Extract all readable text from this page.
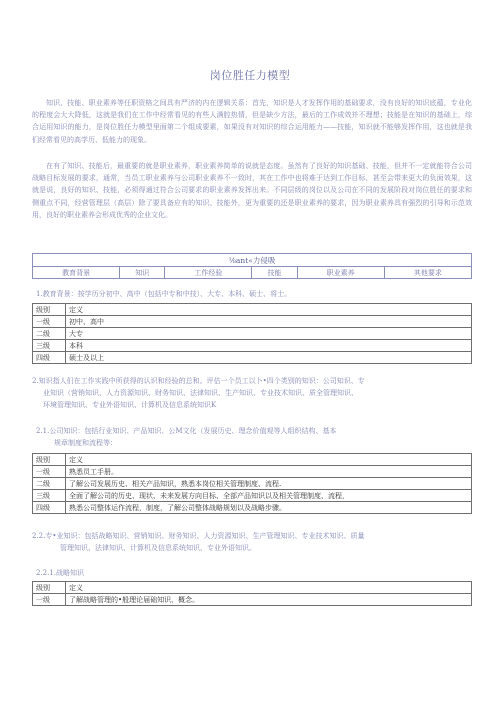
岗位胜任力模型

知识、技能、职业素养等任职资格之间具有严济的内在逻辑关系：首先，知识是人才发挥作用的基础要求，没有良好的知识底蕴，专业化的程度会大大降低，这就是我们在工作中经常看见的有些人满腔热情，但是缺少方法，最后的工作成效并不理想；技能是在知识的基础上，综合运用知识的能力，是岗位胜任力模型里面第二个组成要素，如果没有对知识的综合运用能力——技能，知识就不能够发挥作用，这也就是我们经常看见的高学历、低能力的现象。

在有了知识、技能后，最重要的就是职业素养，职业素养简单的说就是态度。虽然有了良好的知识基础、技能，但并不一定就能符合公司战略目标发展的要求，通常，当员工职业素养与公司职业素养不一致时，其在工作中也将难于达到工作目标，甚至会带来更大的负面效果，这就是说，良好的知识、技能，必须得通过符合公司要求的职业素养发挥出来。不同层级的岗位以及公司在不同的发展阶段对岗位胜任的要求和侧重点不同，经营管理层（高层）除了要具备应有的知识、技能外，更为重要的还是职业素养的要求，因为职业素养具有强烈的引导和示范效用，良好的职业素养会形成优秀的企业文化。

⅛ant«力侵吸
教育背景	知识	工作经验	技能	职业素养	其他要求

1.教育背景：按学历分初中、高中（包括中专和中技）、大专、本科、硕士、将士。

级别	定义
一级	初中、高中
二级	大专
三级	本科
四级	硕士及以上
2.知识指人们在工作实践中所获得的认识和经验的总和。评估一个员工以卜•四个类别的知识：公司知识、专
业知识（营销知识、人力资源知识、财务知识、法律知识、生产知识、专业技术知识、质全管理知识、
环境管理知识、专业外语知识、计算机及信息系统知识K
2.1.公司知识：包括行业知识、产品知识、公M文化（发展历史、理念价值观等人组织结构、基本
规章制度和流程等：
级别	定义
一级	熟悉员工手册。
二级	了解公司发展历史、相关产品知识，熟悉本岗位相关管理制度、流程.
三级	全面了解公司的历史、现状、未来发展方向目标、全部产品知识以及相关管理制度、流程，
四级	熟悉公司整体运作流程，制度，了解公司整体战略规划以及战略步骤。
2.2.专•业知识：包括战略知识、营销知识、财务知识、人力资源知识、生产管理知识、专业技术知识、质量
管理知识、法律知识、计算机及信息系统知识、专业外语知识。

2.2.1.战略知识

级别	定义
一级	了解战略管理的•般理论届础知识、概念。
